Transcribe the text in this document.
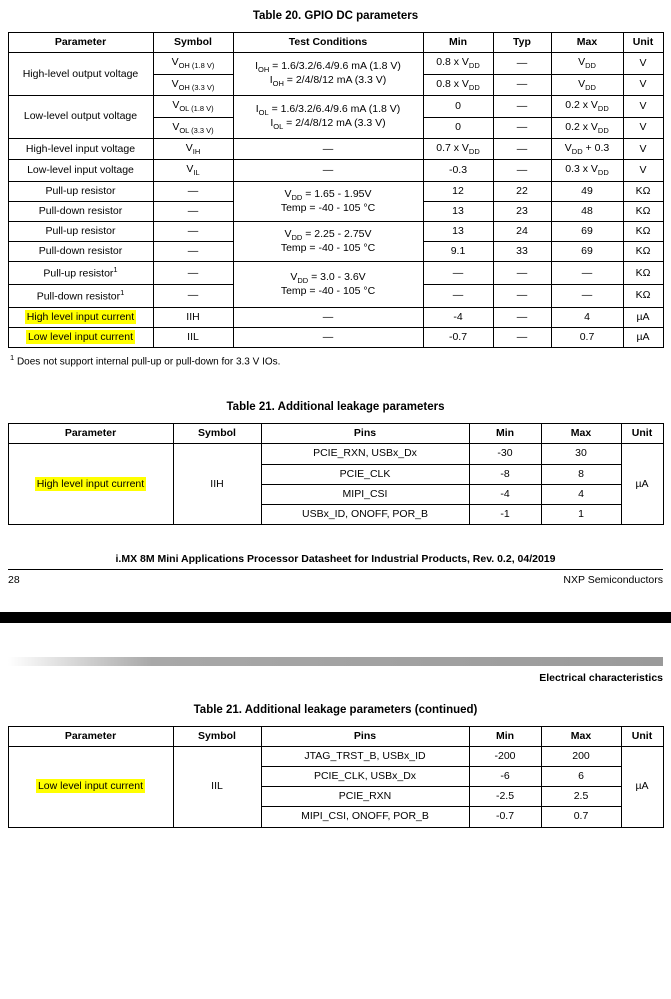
Table 20. GPIO DC parameters
Parameter	Symbol	Test Conditions	Min	Typ	Max	Unit
High-level output voltage	$V_{OH (1.8 V)}$	$I_{OH} = 1.6/3.2/6.4/9.6$ mA (1.8 V)
$I_{OH} = 2/4/8/12$ mA (3.3 V)	0.8 x $V_{DD}$	—	$V_{DD}$	V
	$V_{OH (3.3 V)}$		0.8 x $V_{DD}$	—	$V_{DD}$	V
Low-level output voltage	$V_{OL (1.8 V)}$	$I_{OL} = 1.6/3.2/6.4/9.6$ mA (1.8 V)
$I_{OL} = 2/4/8/12$ mA (3.3 V)	0	—	0.2 x $V_{DD}$	V
	$V_{OL (3.3 V)}$		0	—	0.2 x $V_{DD}$	V
High-level input voltage	$V_{IH}$	—	0.7 x $V_{DD}$	—	$V_{DD} + 0.3$	V
Low-level input voltage	$V_{IL}$	—	-0.3	—	0.3 x $V_{DD}$	V
Pull-up resistor	—	$V_{DD} = 1.65 - 1.95V$
Temp = -40 - 105 °C	12	22	49	KΩ
Pull-down resistor	—		13	23	48	KΩ
Pull-up resistor	—	$V_{DD} = 2.25 - 2.75V$
Temp = -40 - 105 °C	13	24	69	KΩ
Pull-down resistor	—		9.1	33	69	KΩ
Pull-up resistor$^1$	—	$V_{DD} = 3.0 - 3.6V$
Temp = -40 - 105 °C	—	—	—	KΩ
Pull-down resistor$^1$	—		—	—	—	KΩ
High level input current	IIH	—	-4	—	4	µA
Low level input current	IIL	—	-0.7	—	0.7	µA
$^1$ Does not support internal pull-up or pull-down for 3.3 V IOs.
Table 21. Additional leakage parameters
Parameter	Symbol	Pins	Min	Max	Unit
High level input current	IIH	PCIE_RXN, USBx_Dx	-30	30	µA
		PCIE_CLK	-8	8	
		MIPI_CSI	-4	4	
		USBx_ID, ONOFF, POR_B	-1	1	
i.MX 8M Mini Applications Processor Datasheet for Industrial Products, Rev. 0.2, 04/2019
28	NXP Semiconductors
Electrical characteristics
Table 21. Additional leakage parameters (continued)
Parameter	Symbol	Pins	Min	Max	Unit
Low level input current	IIL	JTAG_TRST_B, USBx_ID	-200	200	µA
		PCIE_CLK, USBx_Dx	-6	6	
		PCIE_RXN	-2.5	2.5	
		MIPI_CSI, ONOFF, POR_B	-0.7	0.7	
